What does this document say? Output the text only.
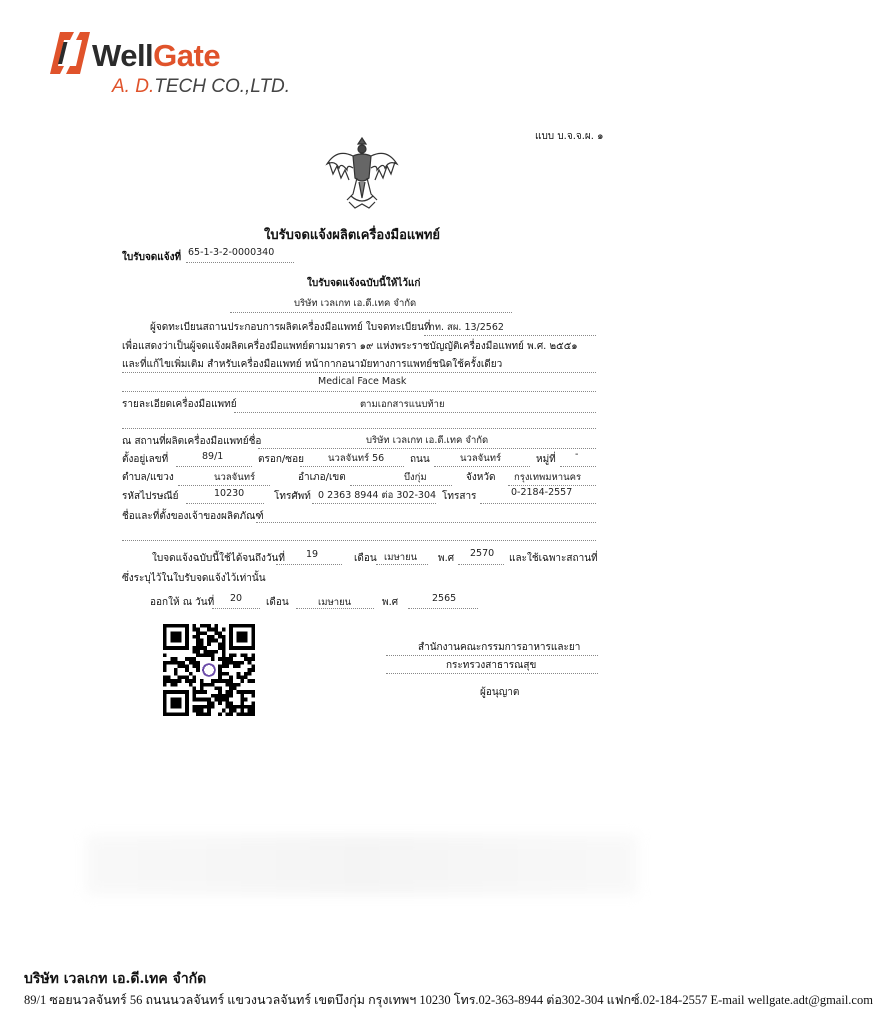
WellGate
A. D.TECH CO.,LTD.
แบบ บ.จ.จ.ผ. ๑
ใบรับจดแจ้งผลิตเครื่องมือแพทย์
ใบรับจดแจ้งที่ 65-1-3-2-0000340
ใบรับจดแจ้งฉบับนี้ให้ไว้แก่
บริษัท เวลเกท เอ.ดี.เทค จำกัด
ผู้จดทะเบียนสถานประกอบการผลิตเครื่องมือแพทย์ ใบจดทะเบียนที่
กท. สผ. 13/2562
เพื่อแสดงว่าเป็นผู้จดแจ้งผลิตเครื่องมือแพทย์ตามมาตรา ๑๙ แห่งพระราชบัญญัติเครื่องมือแพทย์ พ.ศ. ๒๕๕๑
และที่แก้ไขเพิ่มเติม สำหรับเครื่องมือแพทย์ หน้ากากอนามัยทางการแพทย์ชนิดใช้ครั้งเดียว
Medical Face Mask
รายละเอียดเครื่องมือแพทย์	ตามเอกสารแนบท้าย
ณ สถานที่ผลิตเครื่องมือแพทย์ชื่อ	บริษัท เวลเกท เอ.ดี.เทค จำกัด
ตั้งอยู่เลขที่	89/1	ตรอก/ซอย	นวลจันทร์ 56	ถนน	นวลจันทร์	หมู่ที่ -
ตำบล/แขวง	นวลจันทร์	อำเภอ/เขต	บึงกุ่ม	จังหวัด กรุงเทพมหานคร
รหัสไปรษณีย์	10230	โทรศัพท์ 0 2363 8944 ต่อ 302-304 โทรสาร	0-2184-2557
ชื่อและที่ตั้งของเจ้าของผลิตภัณฑ์
ใบจดแจ้งฉบับนี้ใช้ได้จนถึงวันที่ 19	เดือน เมษายน พ.ศ 2570 และใช้เฉพาะสถานที่
ซึ่งระบุไว้ในใบรับจดแจ้งไว้เท่านั้น
ออกให้ ณ วันที่ 20 เดือน	เมษายน	พ.ศ	2565
สำนักงานคณะกรรมการอาหารและยา
กระทรวงสาธารณสุข
ผู้อนุญาต
บริษัท เวลเกท เอ.ดี.เทค จำกัด
89/1 ซอยนวลจันทร์ 56 ถนนนวลจันทร์ แขวงนวลจันทร์ เขตบึงกุ่ม กรุงเทพฯ 10230 โทร.02-363-8944 ต่อ302-304 แฟกซ์.02-184-2557 E-mail wellgate.adt@gmail.com
